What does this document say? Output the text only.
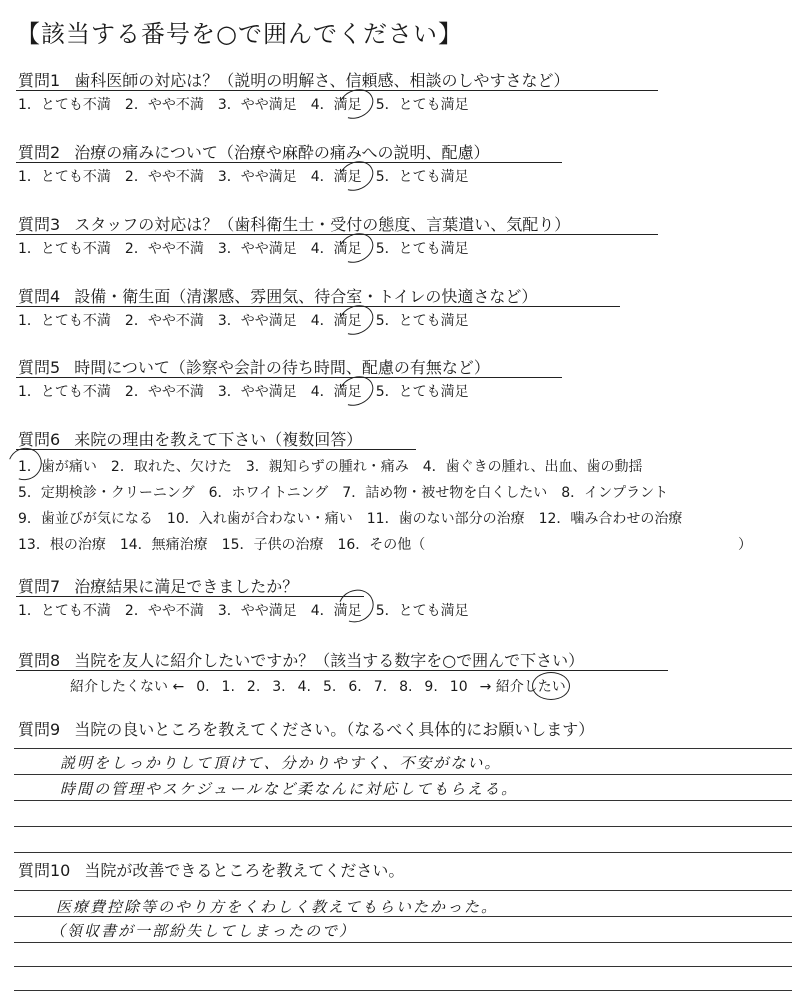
【該当する番号を○で囲んでください】
質問1 歯科医師の対応は？（説明の明解さ、信頼感、相談のしやすさなど）
1．とても不満 2．やや不満 3．やや満足 4．満足 5．とても満足
質問2 治療の痛みについて（治療や麻酔の痛みへの説明、配慮）
1．とても不満 2．やや不満 3．やや満足 4．満足 5．とても満足
質問3 スタッフの対応は？（歯科衛生士・受付の態度、言葉遣い、気配り）
1．とても不満 2．やや不満 3．やや満足 4．満足 5．とても満足
質問4 設備・衛生面（清潔感、雰囲気、待合室・トイレの快適さなど）
1．とても不満 2．やや不満 3．やや満足 4．満足 5．とても満足
質問5 時間について（診察や会計の待ち時間、配慮の有無など）
1．とても不満 2．やや不満 3．やや満足 4．満足 5．とても満足
質問6 来院の理由を教えて下さい（複数回答）
1．歯が痛い 2．取れた、欠けた 3．親知らずの腫れ・痛み 4．歯ぐきの腫れ、出血、歯の動揺
5．定期検診・クリーニング 6．ホワイトニング 7．詰め物・被せ物を白くしたい 8．インプラント
9．歯並びが気になる 10．入れ歯が合わない・痛い 11．歯のない部分の治療 12．噛み合わせの治療
13．根の治療 14．無痛治療 15．子供の治療 16．その他（	）
質問7 治療結果に満足できましたか？
1．とても不満 2．やや不満 3．やや満足 4．満足 5．とても満足
質問8 当院を友人に紹介したいですか？（該当する数字を○で囲んで下さい）
紹介したくない ← 0. 1. 2. 3. 4. 5. 6. 7. 8. 9. 10 → 紹介したい
質問9 当院の良いところを教えてください。（なるべく具体的にお願いします）
説明をしっかりして頂けて、分かりやすく、不安がない。
時間の管理やスケジュールなど柔なんに対応してもらえる。
質問10 当院が改善できるところを教えてください。
医療費控除等のやり方をくわしく教えてもらいたかった。
（領収書が一部紛失してしまったので）
